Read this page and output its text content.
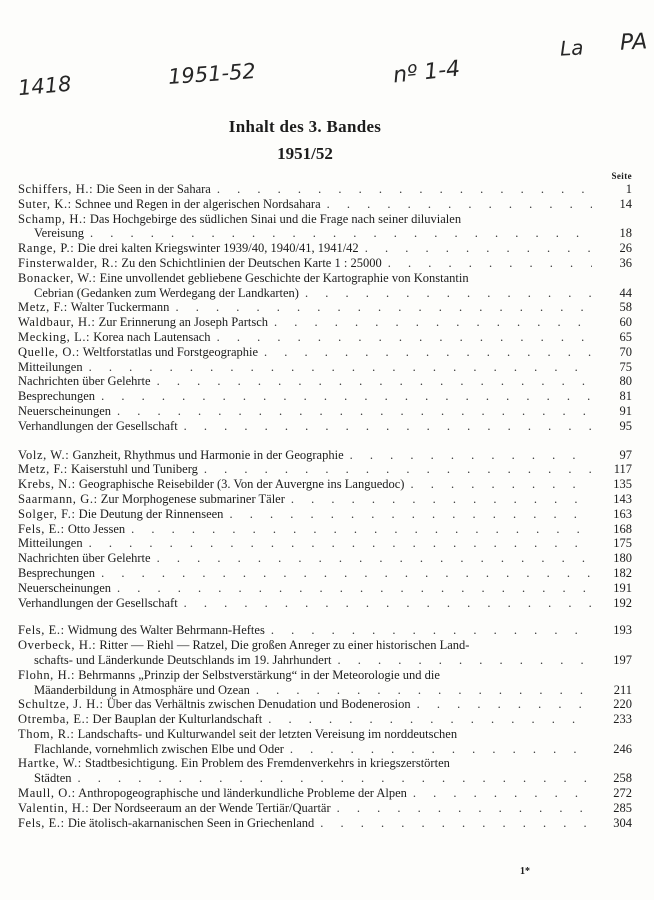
1418	1951-52	nº 1-4
La PA
Inhalt des 3. Bandes
1951/52
Seite
Schiffers, H.: Die Seen in der Sahara . . .	1
Suter, K.: Schnee und Regen in der algerischen Nordsahara . . .	14
Schamp, H.: Das Hochgebirge des südlichen Sinai und die Frage nach seiner diluvialen
Vereisung . . .	18
Range, P.: Die drei kalten Kriegswinter 1939/40, 1940/41, 1941/42 . . .	26
Finsterwalder, R.: Zu den Schichtlinien der Deutschen Karte 1 : 25000 . . .	36
Bonacker, W.: Eine unvollendet gebliebene Geschichte der Kartographie von Konstantin
Cebrian (Gedanken zum Werdegang der Landkarten) . . .	44
Metz, F.: Walter Tuckermann . . .	58
Waldbaur, H.: Zur Erinnerung an Joseph Partsch . . .	60
Mecking, L.: Korea nach Lautensach . . .	65
Quelle, O.: Weltforstatlas und Forstgeographie . . .	70
Mitteilungen . . .	75
Nachrichten über Gelehrte . . .	80
Besprechungen . . .	81
Neuerscheinungen . . .	91
Verhandlungen der Gesellschaft . . .	95
Volz, W.: Ganzheit, Rhythmus und Harmonie in der Geographie . . .	97
Metz, F.: Kaiserstuhl und Tuniberg . . .	117
Krebs, N.: Geographische Reisebilder (3. Von der Auvergne ins Languedoc) . . .	135
Saarmann, G.: Zur Morphogenese submariner Täler . . .	143
Solger, F.: Die Deutung der Rinnenseen . . .	163
Fels, E.: Otto Jessen . . .	168
Mitteilungen . . .	175
Nachrichten über Gelehrte . . .	180
Besprechungen . . .	182
Neuerscheinungen . . .	191
Verhandlungen der Gesellschaft . . .	192
Fels, E.: Widmung des Walter Behrmann-Heftes . . .	193
Overbeck, H.: Ritter — Riehl — Ratzel, Die großen Anreger zu einer historischen Land-
schafts- und Länderkunde Deutschlands im 19. Jahrhundert . . .	197
Flohn, H.: Behrmanns „Prinzip der Selbstverstärkung“ in der Meteorologie und die
Mäanderbildung in Atmosphäre und Ozean . . .	211
Schultze, J. H.: Über das Verhältnis zwischen Denudation und Bodenerosion . . .	220
Otremba, E.: Der Bauplan der Kulturlandschaft . . .	233
Thom, R.: Landschafts- und Kulturwandel seit der letzten Vereisung im norddeutschen
Flachlande, vornehmlich zwischen Elbe und Oder . . .	246
Hartke, W.: Stadtbesichtigung. Ein Problem des Fremdenverkehrs in kriegszerstörten
Städten . . .	258
Maull, O.: Anthropogeographische und länderkundliche Probleme der Alpen . . .	272
Valentin, H.: Der Nordseeraum an der Wende Tertiär/Quartär . . .	285
Fels, E.: Die ätolisch-akarnanischen Seen in Griechenland . . .	304
1*
